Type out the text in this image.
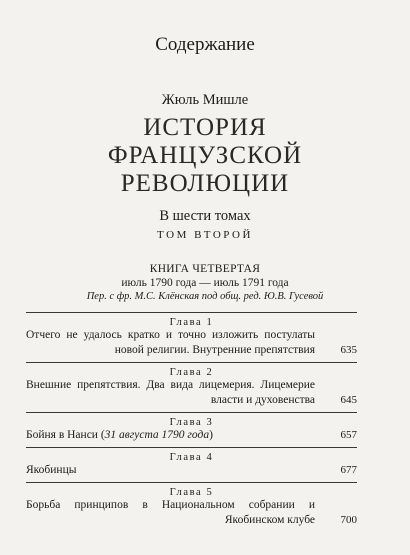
Содержание
Жюль Мишле
ИСТОРИЯ
ФРАНЦУЗСКОЙ
РЕВОЛЮЦИИ
В шести томах
ТОМ ВТОРОЙ
КНИГА ЧЕТВЕРТАЯ
июль 1790 года — июль 1791 года
Пер. с фр. М.С. Клёнская под общ. ред. Ю.В. Гусевой
Глава 1
Отчего не удалось кратко и точно изложить постулаты новой религии. Внутренние препятствия 635
Глава 2
Внешние препятствия. Два вида лицемерия. Лицемерие власти и духовенства 645
Глава 3
Бойня в Нанси (31 августа 1790 года)	657
Глава 4
Якобинцы	677
Глава 5
Борьба принципов в Национальном собрании и Якобинском клубе 700
